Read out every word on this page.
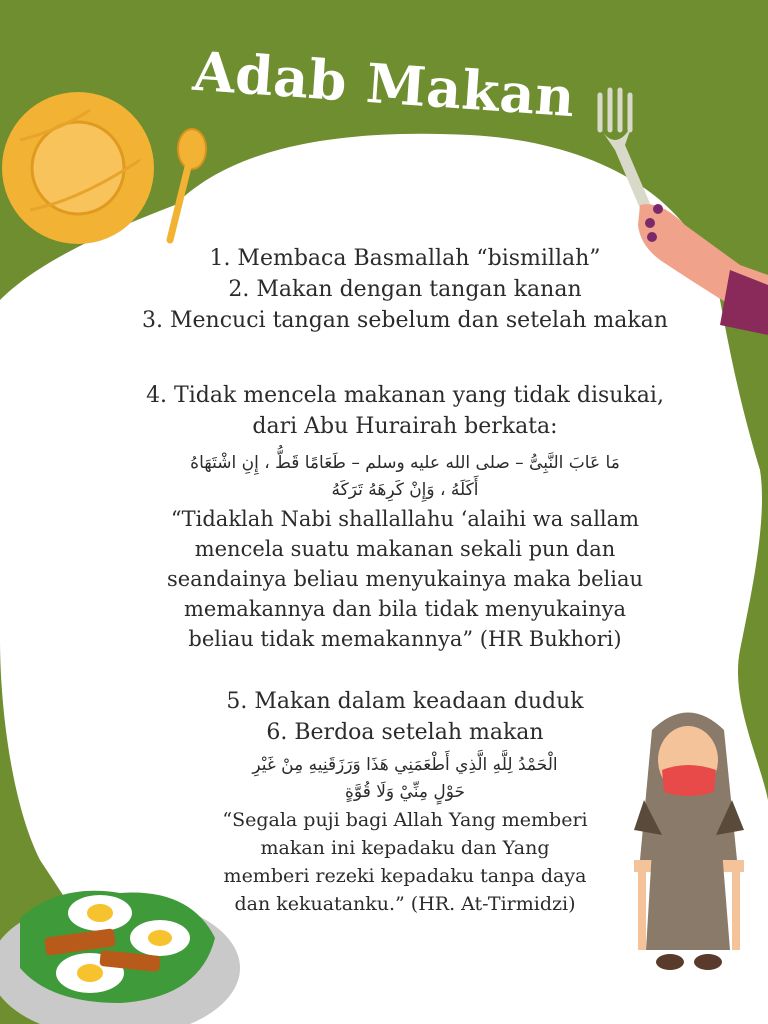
Adab Makan

1. Membaca Basmallah “bismillah”

2. Makan dengan tangan kanan

3. Mencuci tangan sebelum dan setelah makan

4. Tidak mencela makanan yang tidak disukai,

dari Abu Hurairah berkata:

مَا عَابَ النَّبِىُّ – صلى الله عليه وسلم – طَعَامًا قَطُّ ، إِنِ اشْتَهَاهُ

أَكَلَهُ ، وَإِنْ كَرِهَهُ تَرَكَهُ

“Tidaklah Nabi shallallahu ‘alaihi wa sallam

mencela suatu makanan sekali pun dan

seandainya beliau menyukainya maka beliau

memakannya dan bila tidak menyukainya

beliau tidak memakannya” (HR Bukhori)

5. Makan dalam keadaan duduk

6. Berdoa setelah makan

الْحَمْدُ لِلَّهِ الَّذِي أَطْعَمَنِي هَذَا وَرَزَقَنِيهِ مِنْ غَيْرِ

حَوْلٍ مِنِّيْ وَلَا قُوَّةٍ

“Segala puji bagi Allah Yang memberi

makan ini kepadaku dan Yang

memberi rezeki kepadaku tanpa daya

dan kekuatanku.” (HR. At-Tirmidzi)
